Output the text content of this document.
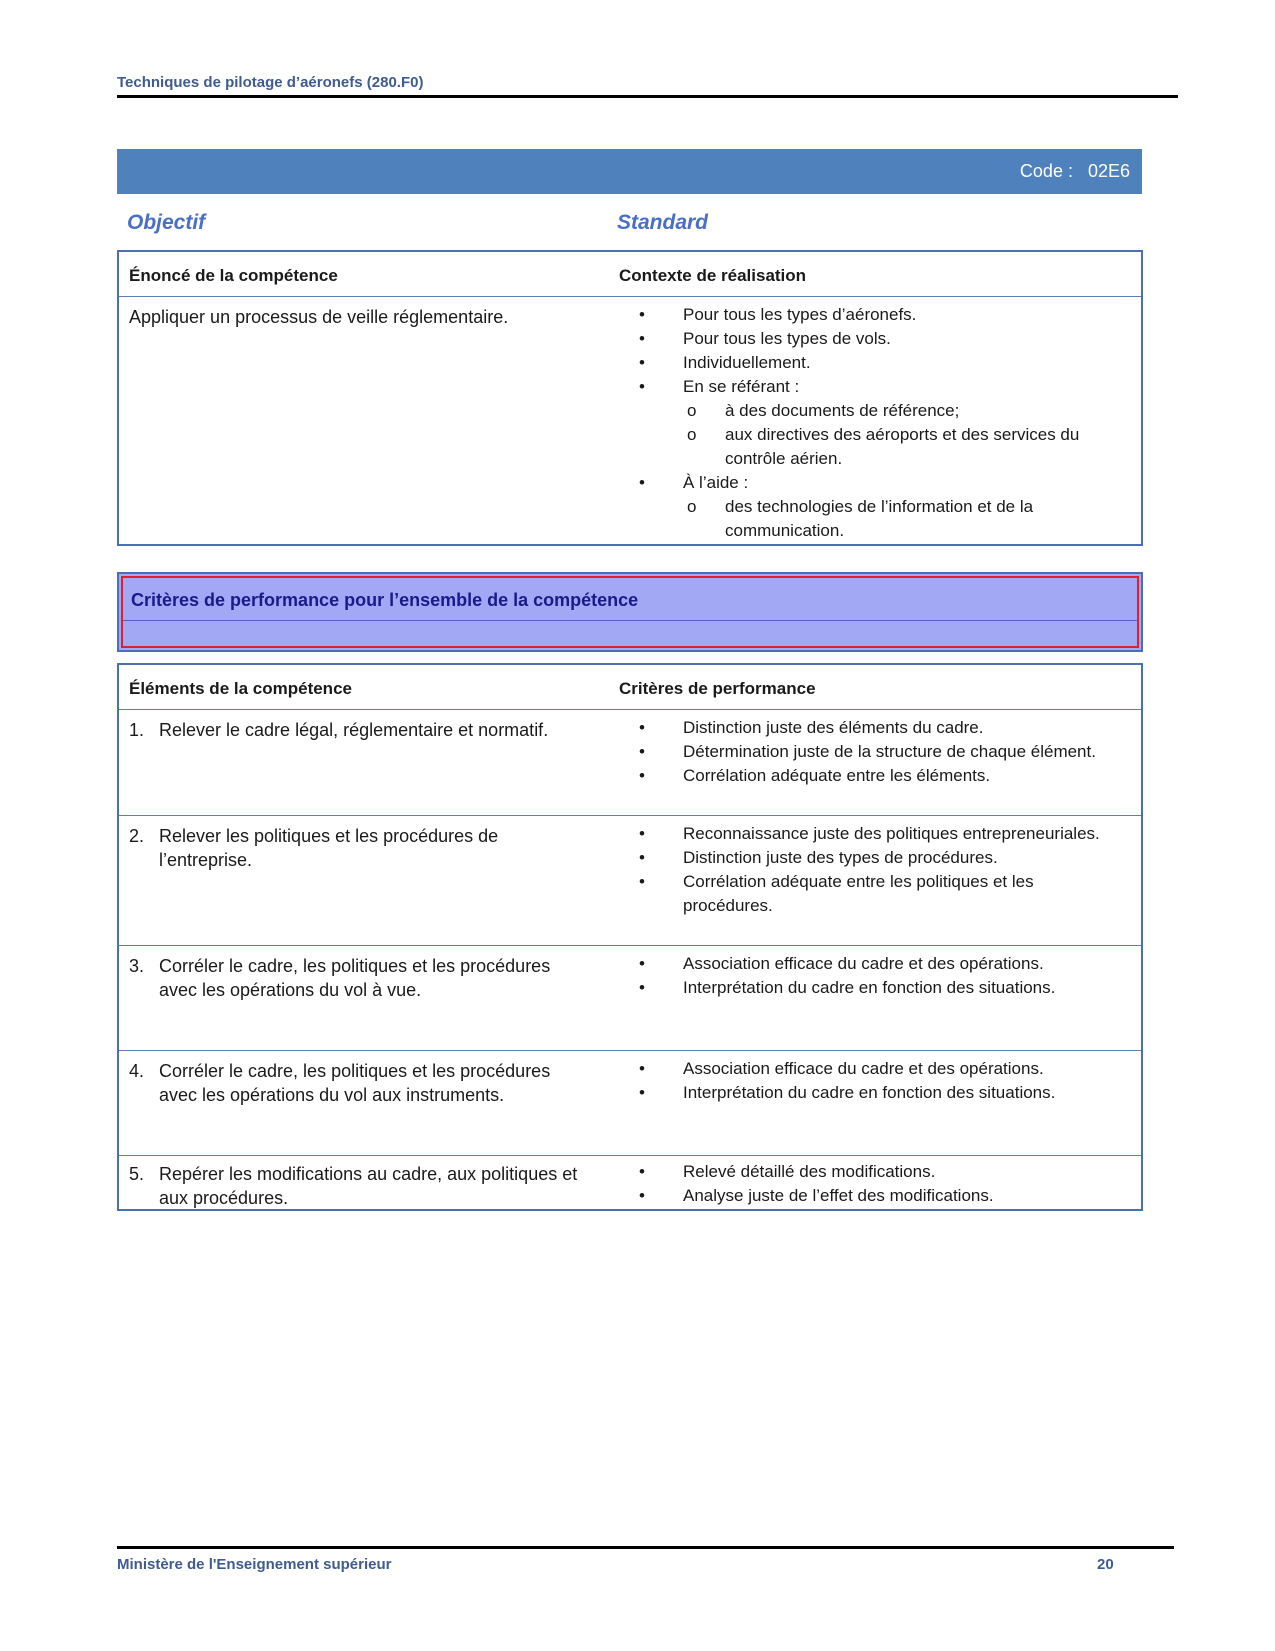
Techniques de pilotage d’aéronefs (280.F0)
Code :   02E6
Objectif	Standard
Énoncé de la compétence	Contexte de réalisation
Appliquer un processus de veille réglementaire.	• Pour tous les types d’aéronefs.
• Pour tous les types de vols.
• Individuellement.
• En se référant :
o à des documents de référence;
o aux directives des aéroports et des services du contrôle aérien.
• À l’aide :
o des technologies de l’information et de la communication.
Critères de performance pour l’ensemble de la compétence
Éléments de la compétence	Critères de performance
1. Relever le cadre légal, réglementaire et normatif.	• Distinction juste des éléments du cadre.
• Détermination juste de la structure de chaque élément.
• Corrélation adéquate entre les éléments.
2. Relever les politiques et les procédures de l’entreprise.
• Reconnaissance juste des politiques entrepreneuriales.
• Distinction juste des types de procédures.
• Corrélation adéquate entre les politiques et les procédures.
3. Corréler le cadre, les politiques et les procédures avec les opérations du vol à vue.
• Association efficace du cadre et des opérations.
• Interprétation du cadre en fonction des situations.
4. Corréler le cadre, les politiques et les procédures avec les opérations du vol aux instruments.
• Association efficace du cadre et des opérations.
• Interprétation du cadre en fonction des situations.
5. Repérer les modifications au cadre, aux politiques et aux procédures.
• Relevé détaillé des modifications.
• Analyse juste de l’effet des modifications.
Ministère de l'Enseignement supérieur	20
